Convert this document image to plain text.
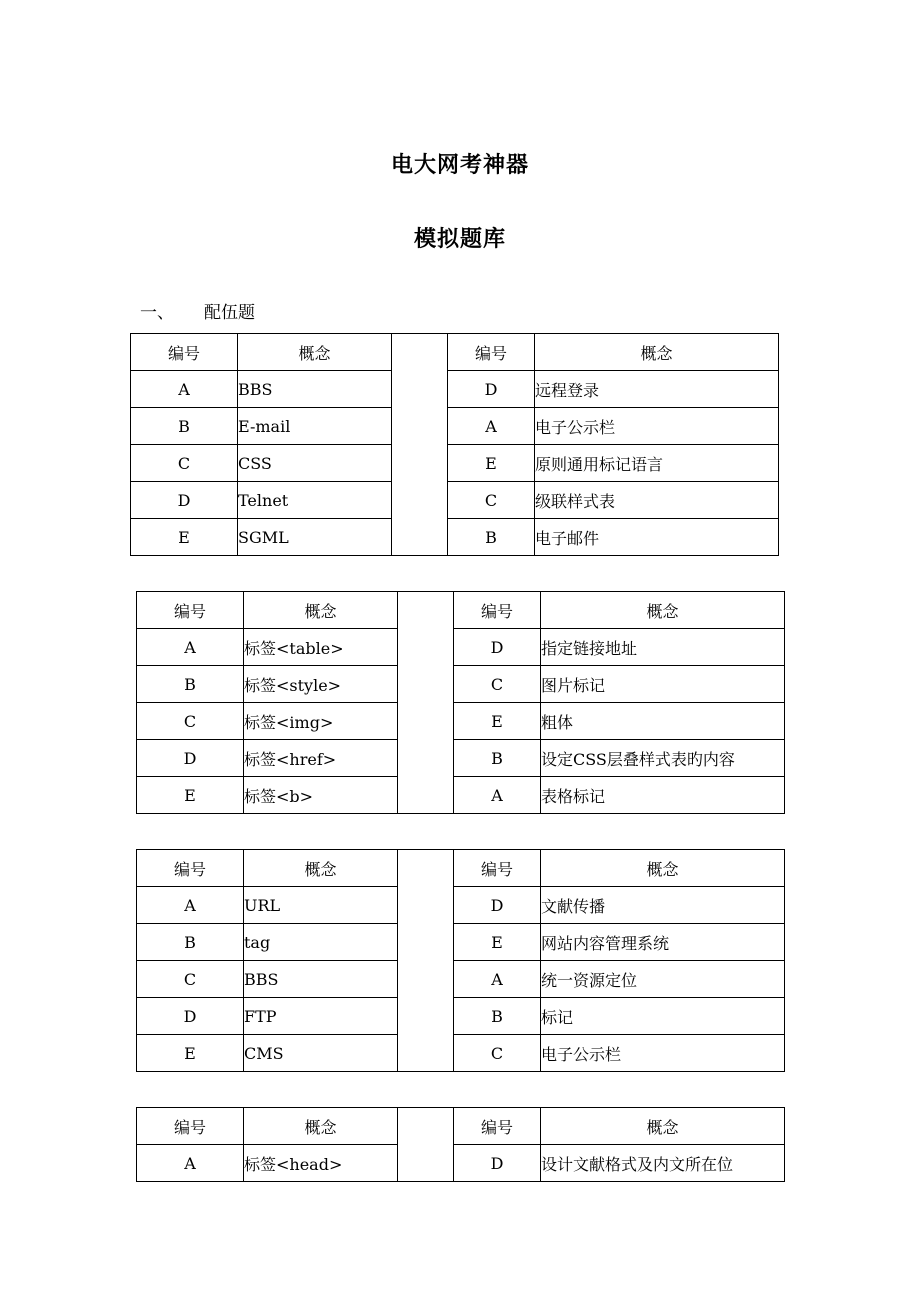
电大网考神器
模拟题库
一、 配伍题
编号	概念		编号	概念
A	BBS		D	远程登录
B	E-mail		A	电子公示栏
C	CSS		E	原则通用标记语言
D	Telnet		C	级联样式表
E	SGML		B	电子邮件
编号	概念		编号	概念
A	标签<table>		D	指定链接地址
B	标签<style>		C	图片标记
C	标签<img>		E	粗体
D	标签<href>		B	设定CSS层叠样式表旳内容
E	标签<b>		A	表格标记
编号	概念		编号	概念
A	URL		D	文献传播
B	tag		E	网站内容管理系统
C	BBS		A	统一资源定位
D	FTP		B	标记
E	CMS		C	电子公示栏
编号	概念		编号	概念
A	标签<head>		D	设计文献格式及内文所在位
